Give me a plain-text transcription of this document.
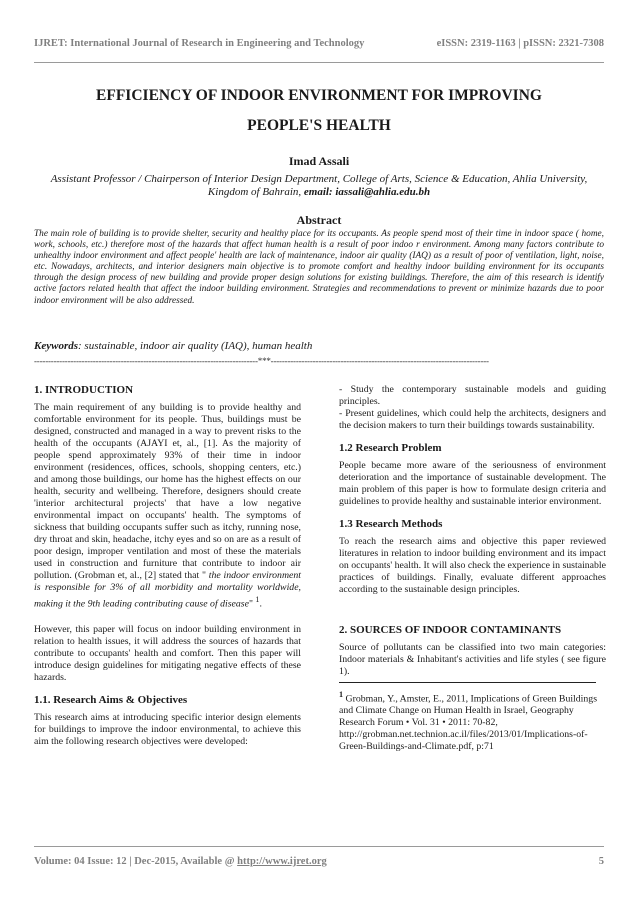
IJRET: International Journal of Research in Engineering and Technology	eISSN: 2319-1163 | pISSN: 2321-7308
EFFICIENCY OF INDOOR ENVIRONMENT FOR IMPROVING
PEOPLE'S HEALTH
Imad Assali
Assistant Professor / Chairperson of Interior Design Department, College of Arts, Science & Education, Ahlia University, Kingdom of Bahrain, email: iassali@ahlia.edu.bh
Abstract
The main role of building is to provide shelter, security and healthy place for its occupants. As people spend most of their time in indoor space ( home, work, schools, etc.) therefore most of the hazards that affect human health is a result of poor indoo r environment. Among many factors contribute to unhealthy indoor environment and affect people' health are lack of maintenance, indoor air quality (IAQ) as a result of poor of ventilation, light, noise, etc. Nowadays, architects, and interior designers main objective is to promote comfort and healthy indoor building environment for its occupants through the design process of new building and provide proper design solutions for existing buildings. Therefore, the aim of this research is identify active factors related health that affect the indoor building environment. Strategies and recommendations to prevent or minimize hazards due to poor indoor environment will be also addressed.
Keywords: sustainable, indoor air quality (IAQ), human health
--------------------------------------------------------------------------------***------------------------------------------------------------------------------
1. INTRODUCTION

The main requirement of any building is to provide healthy and comfortable environment for its people. Thus, buildings must be designed, constructed and managed in a way to prevent risks to the health of the occupants (AJAYI et, al., [1]. As the majority of people spend approximately 93% of their time in indoor environment (residences, offices, schools, shopping centers, etc.) and among those buildings, our home has the highest effects on our health, security and wellbeing. Therefore, designers should create 'interior architectural projects' that have a low negative environmental impact on occupants' health. The symptoms of sickness that building occupants suffer such as itchy, running nose, dry throat and skin, headache, itchy eyes and so on are as a result of poor design, improper ventilation and most of these the materials used in construction and furniture that contribute to indoor air pollution. (Grobman et, al., [2] stated that " the indoor environment is responsible for 3% of all morbidity and mortality worldwide, making it the 9th leading contributing cause of disease" $^1$.

However, this paper will focus on indoor building environment in relation to health issues, it will address the sources of hazards that contribute to occupants' health and comfort. Then this paper will introduce design guidelines for mitigating negative effects of these hazards.

1.1. Research Aims & Objectives

This research aims at introducing specific interior design elements for buildings to improve the indoor environmental, to achieve this aim the following research objectives were developed:

- Study the contemporary sustainable models and guiding principles.

- Present guidelines, which could help the architects, designers and the decision makers to turn their buildings towards sustainability.

1.2 Research Problem

People became more aware of the seriousness of environment deterioration and the importance of sustainable development. The main problem of this paper is how to formulate design criteria and guidelines to provide healthy and sustainable interior environment.

1.3 Research Methods

To reach the research aims and objective this paper reviewed literatures in relation to indoor building environment and its impact on occupants' health. It will also check the experience in sustainable practices of buildings. Finally, evaluate different approaches according to the sustainable design principles.

2. SOURCES OF INDOOR CONTAMINANTS

Source of pollutants can be classified into two main categories: Indoor materials & Inhabitant's activities and life styles ( see figure 1).

$^1$ Grobman, Y., Amster, E., 2011, Implications of Green Buildings and Climate Change on Human Health in Israel, Geography Research Forum • Vol. 31 • 2011: 70-82, http://grobman.net.technion.ac.il/files/2013/01/Implications-of-Green-Buildings-and-Climate.pdf, p:71
Volume: 04 Issue: 12 | Dec-2015, Available @ http://www.ijret.org	5
